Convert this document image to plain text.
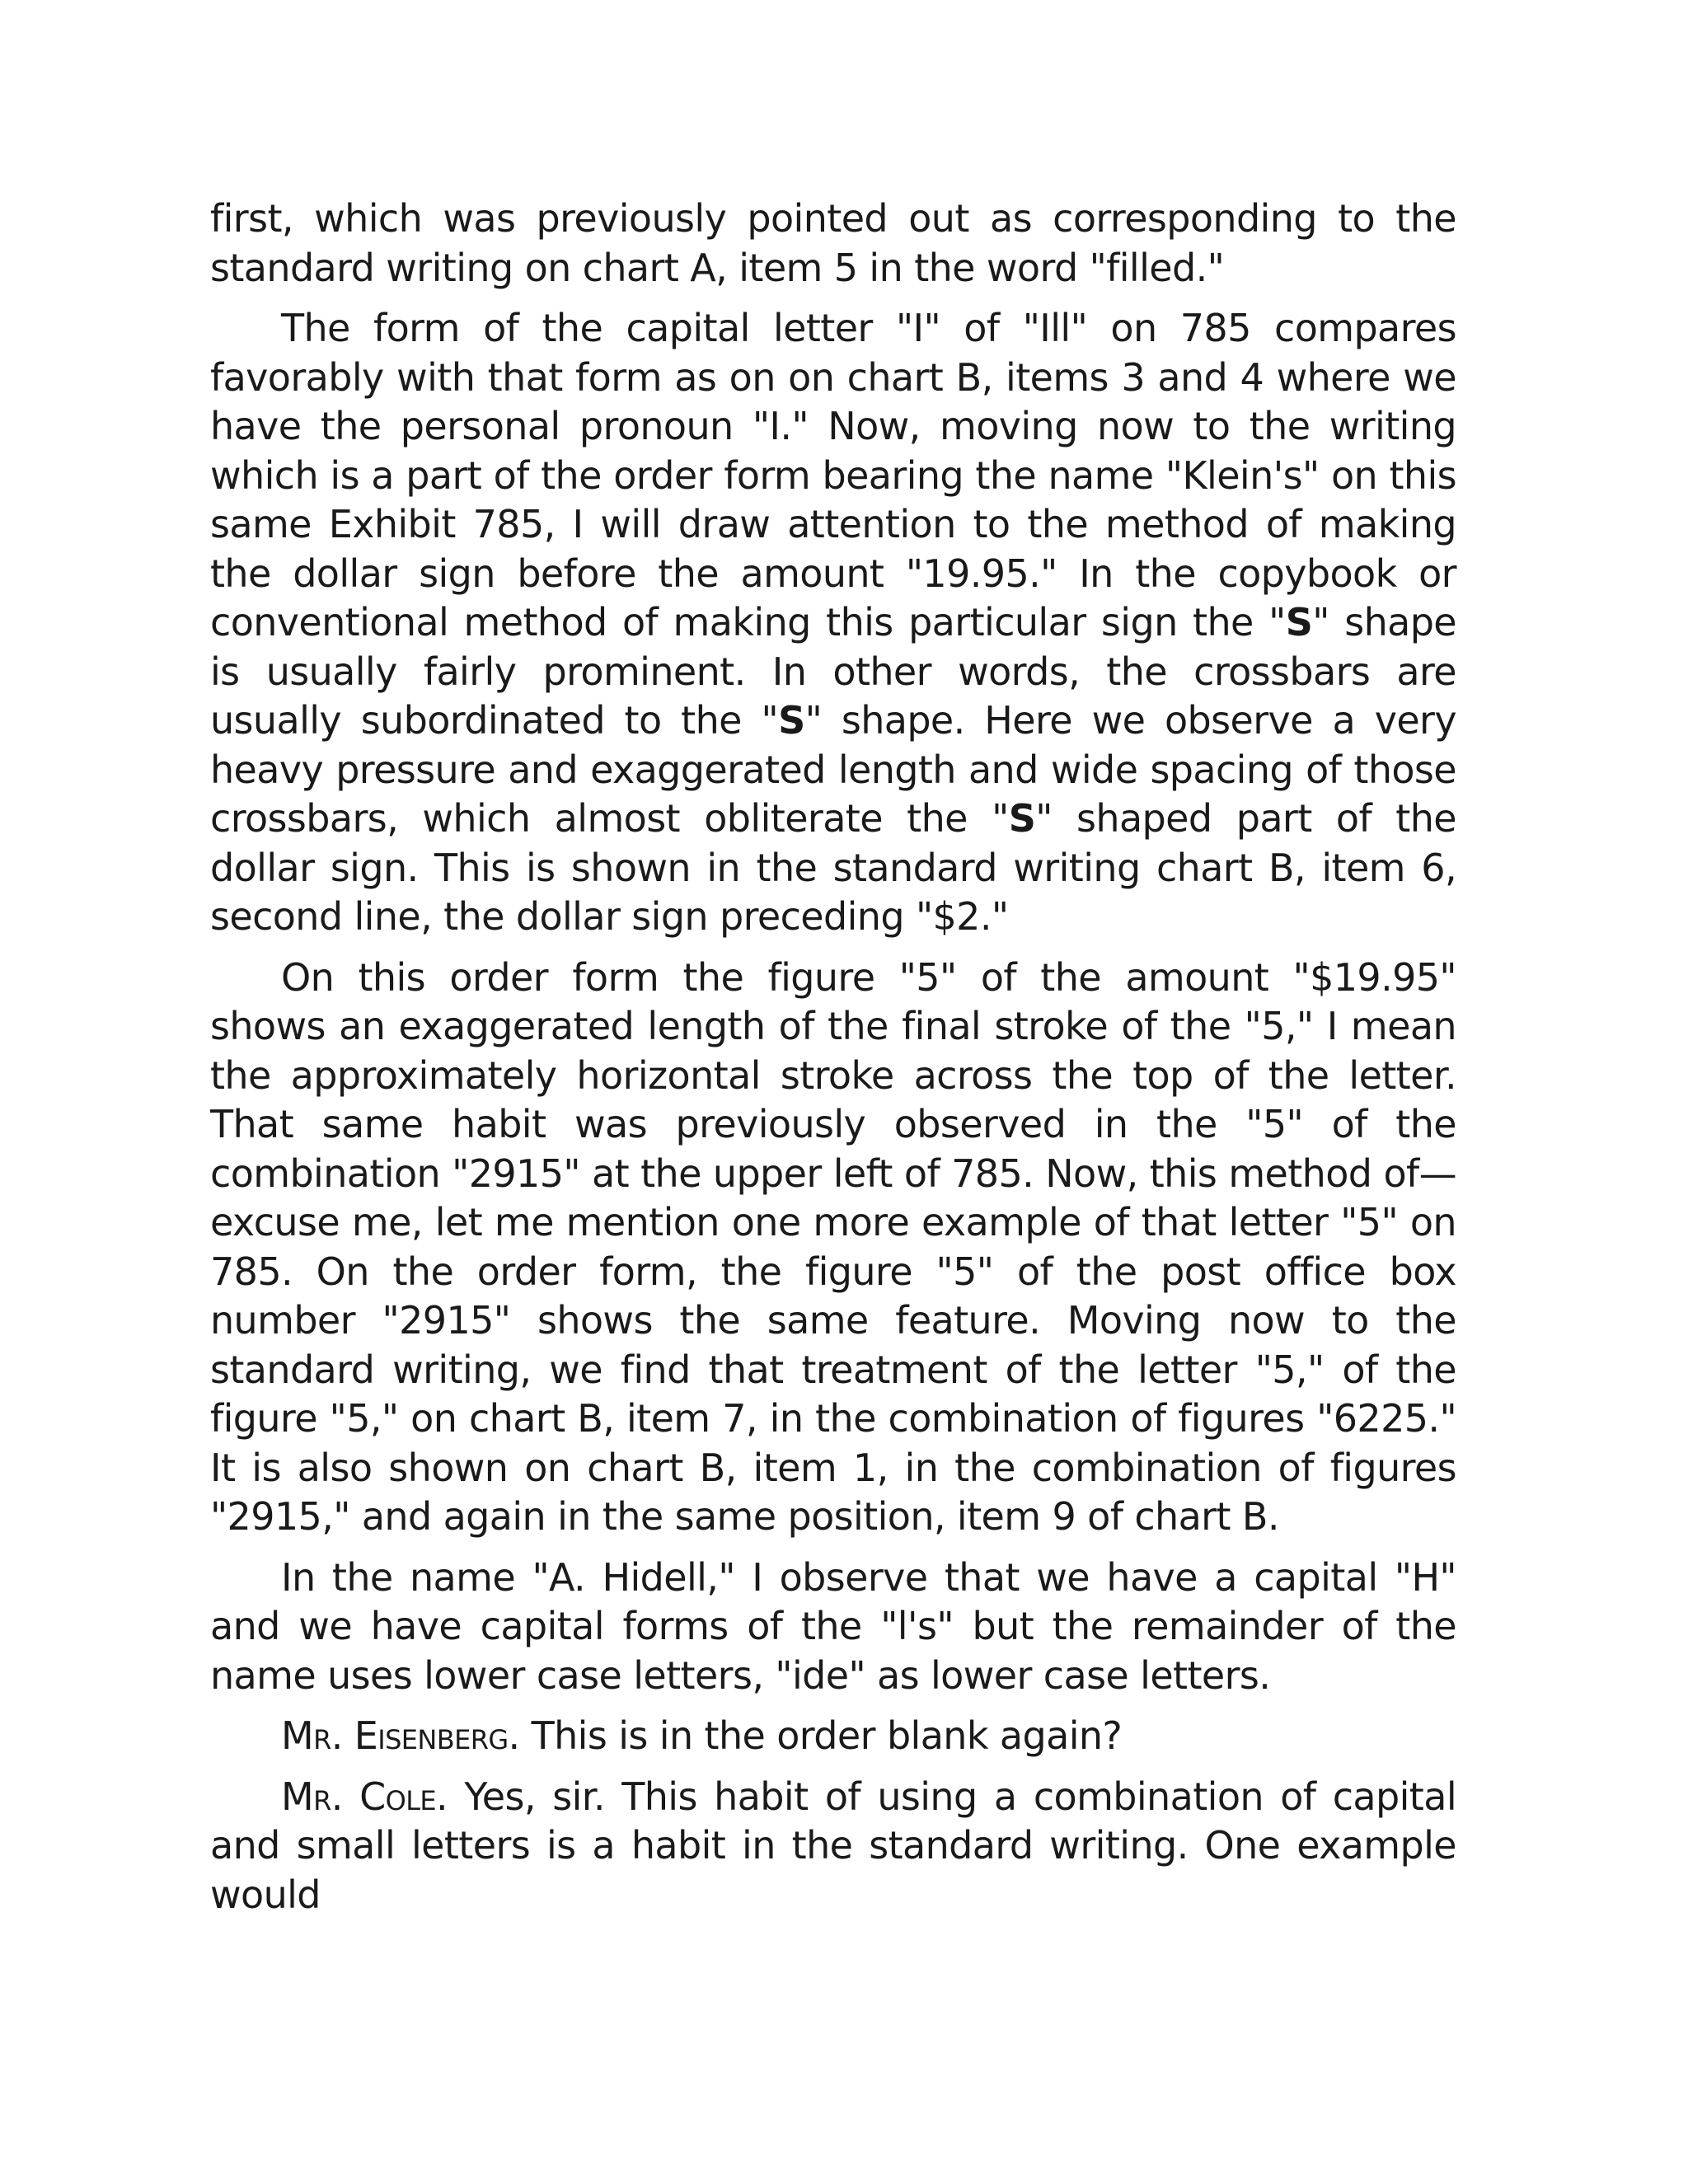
first, which was previously pointed out as corresponding to the standard writing on chart A, item 5 in the word "filled."

The form of the capital letter "I" of "Ill" on 785 compares favorably with that form as on on chart B, items 3 and 4 where we have the personal pronoun "I." Now, moving now to the writing which is a part of the order form bearing the name "Klein's" on this same Exhibit 785, I will draw attention to the method of making the dollar sign before the amount "19.95." In the copybook or conventional method of making this particular sign the "S" shape is usually fairly prominent. In other words, the crossbars are usually subordinated to the "S" shape. Here we observe a very heavy pressure and exaggerated length and wide spacing of those crossbars, which almost obliterate the "S" shaped part of the dollar sign. This is shown in the standard writing chart B, item 6, second line, the dollar sign preceding "$2."

On this order form the figure "5" of the amount "$19.95" shows an exaggerated length of the final stroke of the "5," I mean the approximately horizontal stroke across the top of the letter. That same habit was previously observed in the "5" of the combination "2915" at the upper left of 785. Now, this method of—excuse me, let me mention one more example of that letter "5" on 785. On the order form, the figure "5" of the post office box number "2915" shows the same feature. Moving now to the standard writing, we find that treatment of the letter "5," of the figure "5," on chart B, item 7, in the combination of figures "6225." It is also shown on chart B, item 1, in the combination of figures "2915," and again in the same position, item 9 of chart B.

In the name "A. Hidell," I observe that we have a capital "H" and we have capital forms of the "l's" but the remainder of the name uses lower case letters, "ide" as lower case letters.

Mr. Eisenberg. This is in the order blank again?

Mr. Cole. Yes, sir. This habit of using a combination of capital and small letters is a habit in the standard writing. One example would
